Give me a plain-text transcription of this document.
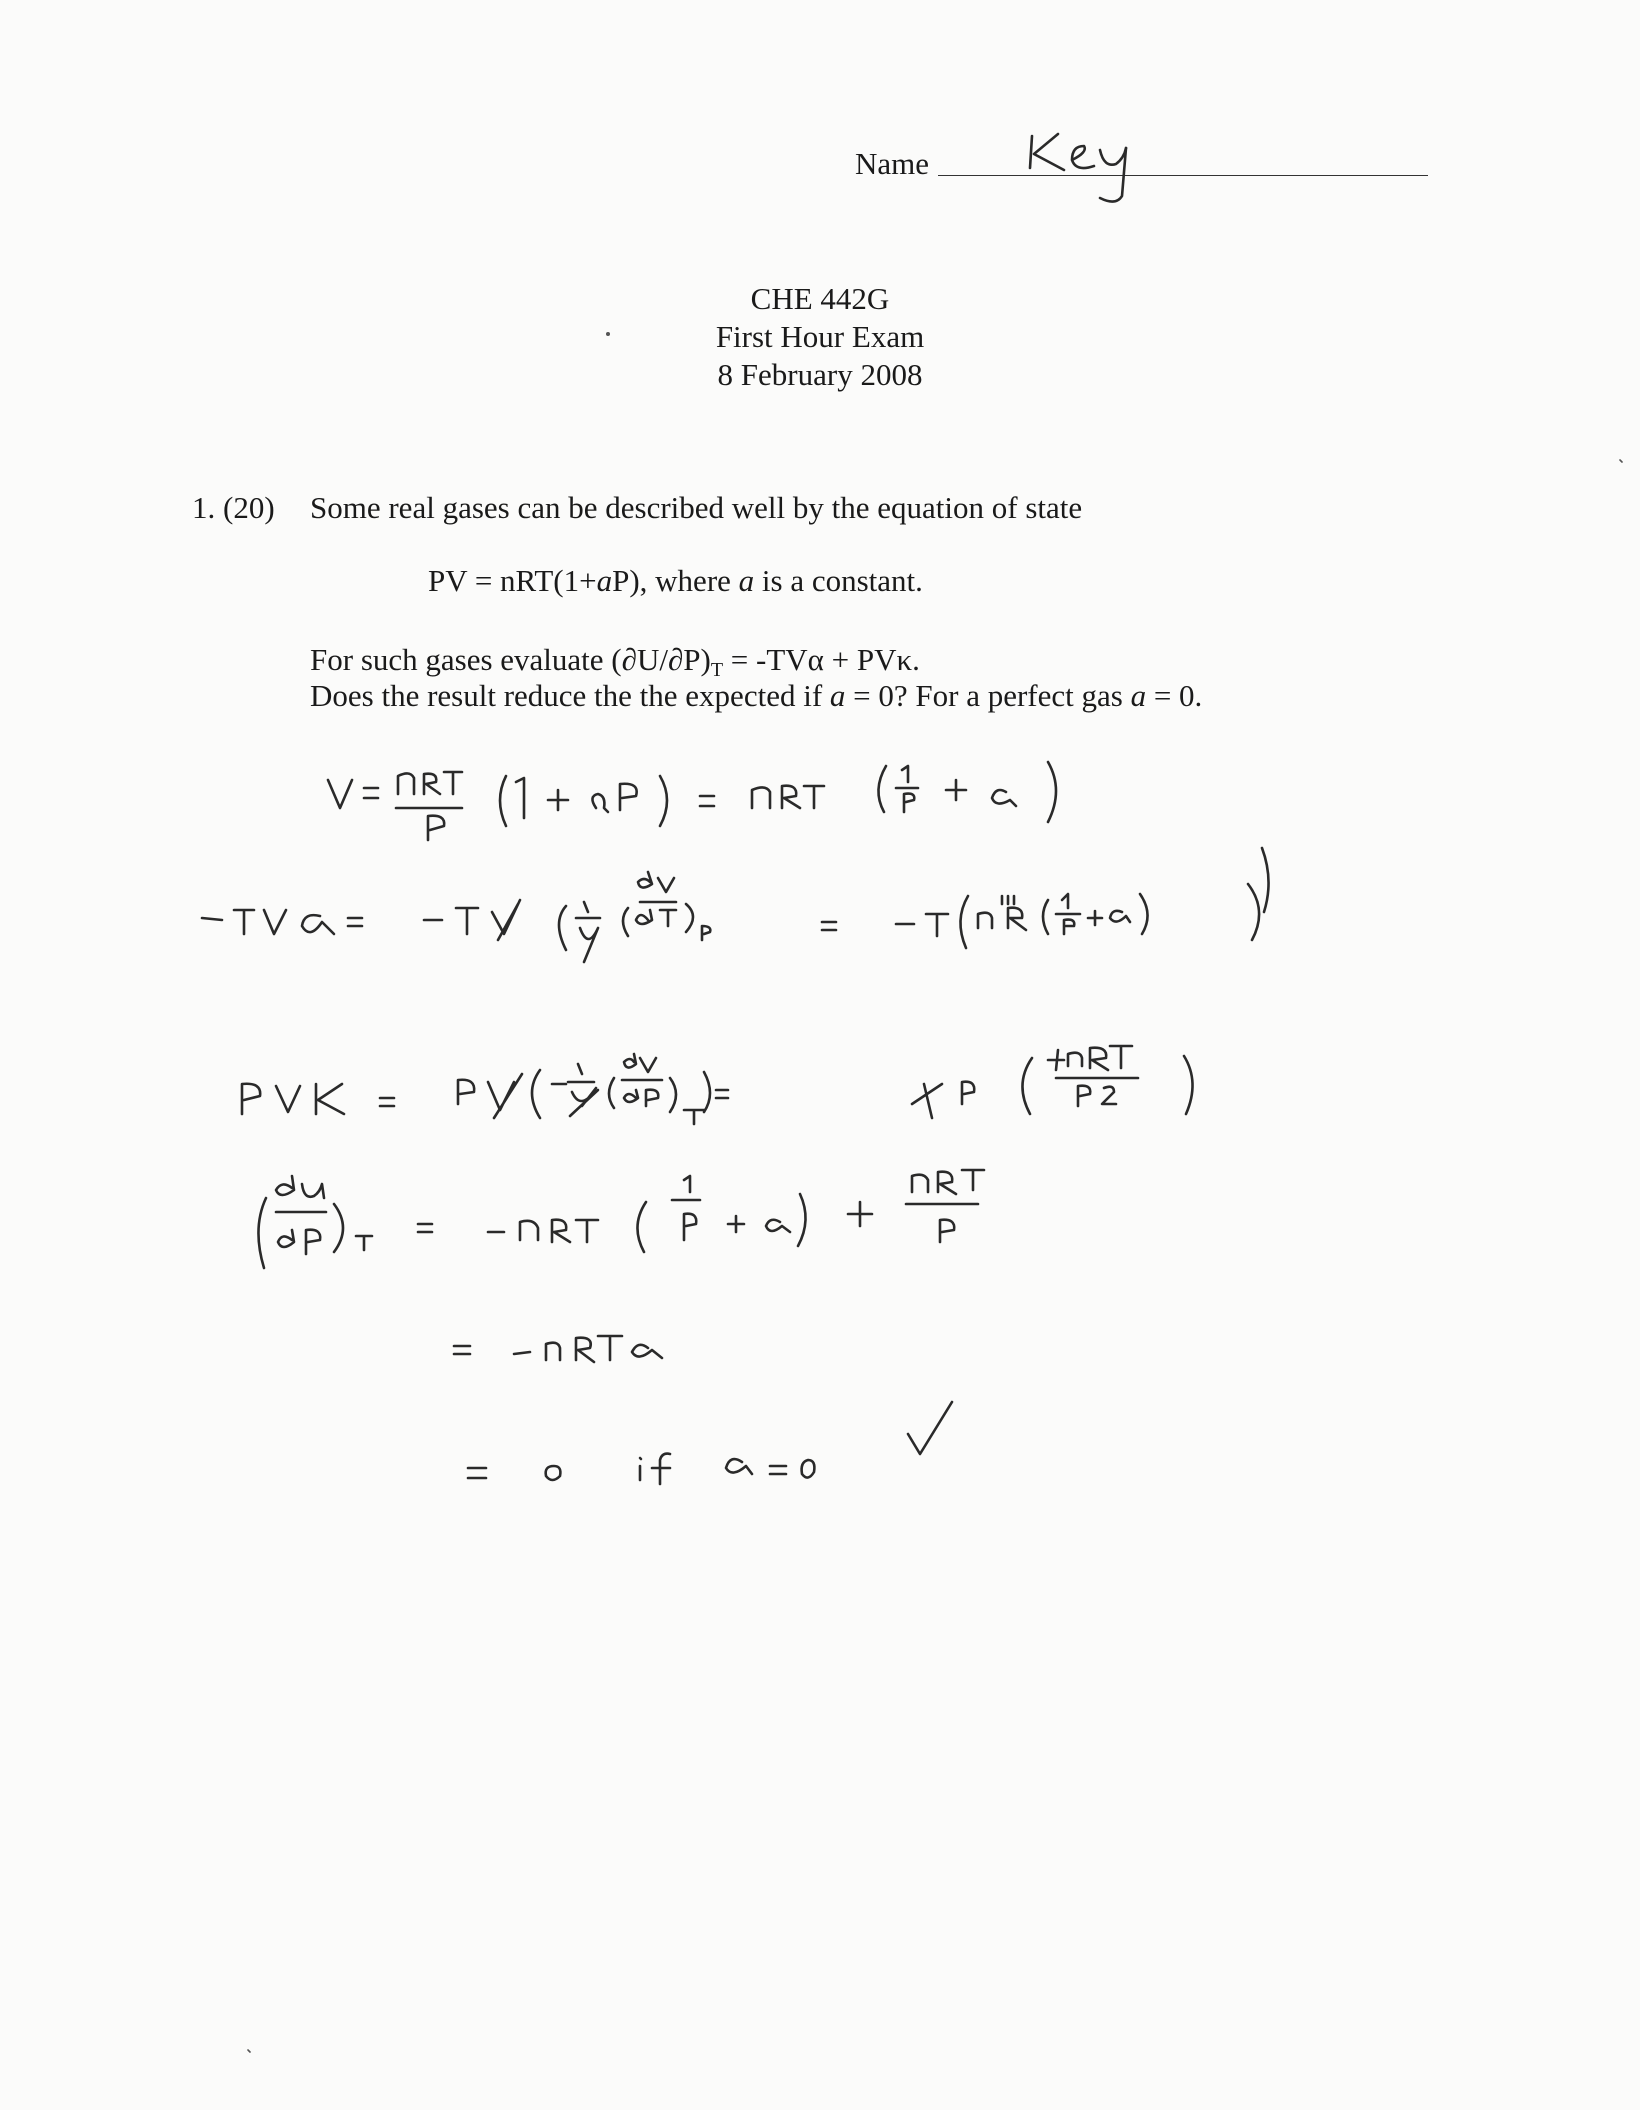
Name
CHE 442G
First Hour Exam
8 February 2008
1. (20) Some real gases can be described well by the equation of state
PV = nRT(1+aP), where a is a constant.
For such gases evaluate $(\partial U/\partial P)_T = -TV\alpha + PV\kappa$.
Does the result reduce the the expected if a = 0? For a perfect gas a = 0.
